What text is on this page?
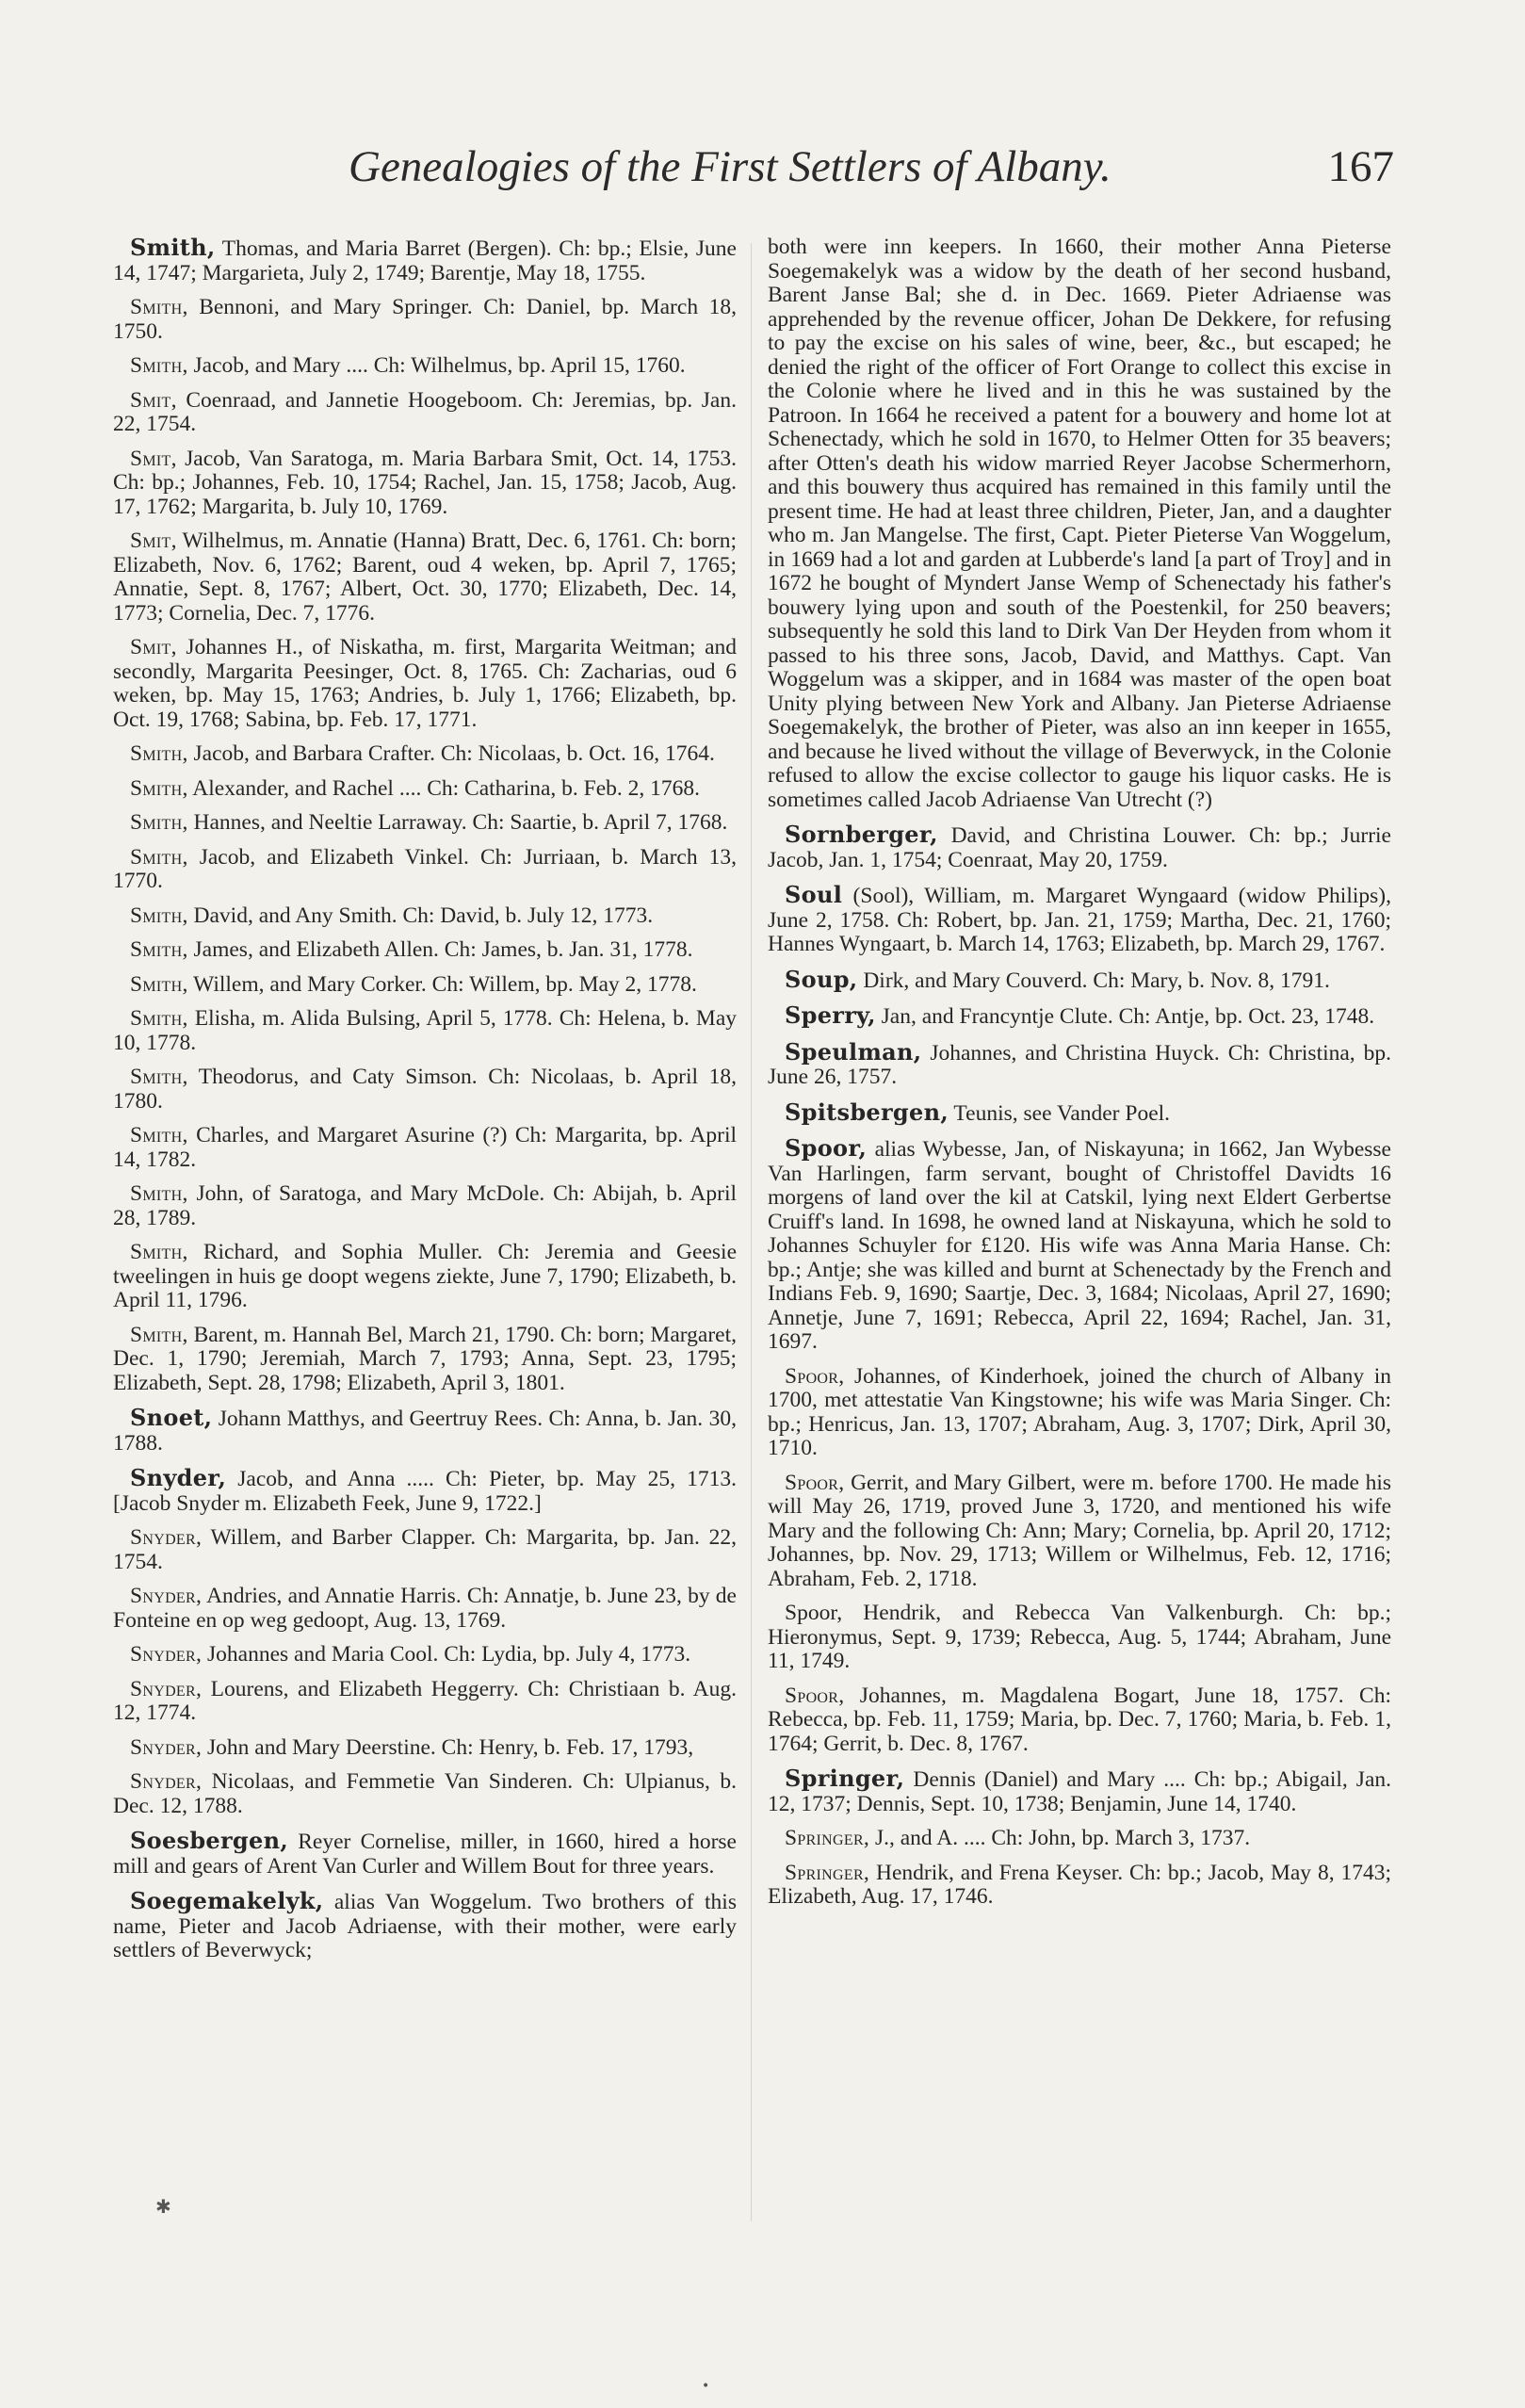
Genealogies of the First Settlers of Albany.	167

Smith, Thomas, and Maria Barret (Bergen). Ch: bp.; Elsie, June 14, 1747; Margarieta, July 2, 1749; Barentje, May 18, 1755.

Smith, Bennoni, and Mary Springer. Ch: Daniel, bp. March 18, 1750.

Smith, Jacob, and Mary .... Ch: Wilhelmus, bp. April 15, 1760.

Smit, Coenraad, and Jannetie Hoogeboom. Ch: Jeremias, bp. Jan. 22, 1754.

Smit, Jacob, Van Saratoga, m. Maria Barbara Smit, Oct. 14, 1753. Ch: bp.; Johannes, Feb. 10, 1754; Rachel, Jan. 15, 1758; Jacob, Aug. 17, 1762; Margarita, b. July 10, 1769.

Smit, Wilhelmus, m. Annatie (Hanna) Bratt, Dec. 6, 1761. Ch: born; Elizabeth, Nov. 6, 1762; Barent, oud 4 weken, bp. April 7, 1765; Annatie, Sept. 8, 1767; Albert, Oct. 30, 1770; Elizabeth, Dec. 14, 1773; Cornelia, Dec. 7, 1776.

Smit, Johannes H., of Niskatha, m. first, Margarita Weitman; and secondly, Margarita Peesinger, Oct. 8, 1765. Ch: Zacharias, oud 6 weken, bp. May 15, 1763; Andries, b. July 1, 1766; Elizabeth, bp. Oct. 19, 1768; Sabina, bp. Feb. 17, 1771.

Smith, Jacob, and Barbara Crafter. Ch: Nicolaas, b. Oct. 16, 1764.

Smith, Alexander, and Rachel .... Ch: Catharina, b. Feb. 2, 1768.

Smith, Hannes, and Neeltie Larraway. Ch: Saartie, b. April 7, 1768.

Smith, Jacob, and Elizabeth Vinkel. Ch: Jurriaan, b. March 13, 1770.

Smith, David, and Any Smith. Ch: David, b. July 12, 1773.

Smith, James, and Elizabeth Allen. Ch: James, b. Jan. 31, 1778.

Smith, Willem, and Mary Corker. Ch: Willem, bp. May 2, 1778.

Smith, Elisha, m. Alida Bulsing, April 5, 1778. Ch: Helena, b. May 10, 1778.

Smith, Theodorus, and Caty Simson. Ch: Nicolaas, b. April 18, 1780.

Smith, Charles, and Margaret Asurine (?) Ch: Margarita, bp. April 14, 1782.

Smith, John, of Saratoga, and Mary McDole. Ch: Abijah, b. April 28, 1789.

Smith, Richard, and Sophia Muller. Ch: Jeremia and Geesie tweelingen in huis ge doopt wegens ziekte, June 7, 1790; Elizabeth, b. April 11, 1796.

Smith, Barent, m. Hannah Bel, March 21, 1790. Ch: born; Margaret, Dec. 1, 1790; Jeremiah, March 7, 1793; Anna, Sept. 23, 1795; Elizabeth, Sept. 28, 1798; Elizabeth, April 3, 1801.

Snoet, Johann Matthys, and Geertruy Rees. Ch: Anna, b. Jan. 30, 1788.

Snyder, Jacob, and Anna ..... Ch: Pieter, bp. May 25, 1713. [Jacob Snyder m. Elizabeth Feek, June 9, 1722.]

Snyder, Willem, and Barber Clapper. Ch: Margarita, bp. Jan. 22, 1754.

Snyder, Andries, and Annatie Harris. Ch: Annatje, b. June 23, by de Fonteine en op weg gedoopt, Aug. 13, 1769.

Snyder, Johannes and Maria Cool. Ch: Lydia, bp. July 4, 1773.

Snyder, Lourens, and Elizabeth Heggerry. Ch: Christiaan b. Aug. 12, 1774.

Snyder, John and Mary Deerstine. Ch: Henry, b. Feb. 17, 1793,

Snyder, Nicolaas, and Femmetie Van Sinderen. Ch: Ulpianus, b. Dec. 12, 1788.

Soesbergen, Reyer Cornelise, miller, in 1660, hired a horse mill and gears of Arent Van Curler and Willem Bout for three years.

Soegemakelyk, alias Van Woggelum. Two brothers of this name, Pieter and Jacob Adriaense, with their mother, were early settlers of Beverwyck;

both were inn keepers. In 1660, their mother Anna Pieterse Soegemakelyk was a widow by the death of her second husband, Barent Janse Bal; she d. in Dec. 1669. Pieter Adriaense was apprehended by the revenue officer, Johan De Dekkere, for refusing to pay the excise on his sales of wine, beer, &c., but escaped; he denied the right of the officer of Fort Orange to collect this excise in the Colonie where he lived and in this he was sustained by the Patroon. In 1664 he received a patent for a bouwery and home lot at Schenectady, which he sold in 1670, to Helmer Otten for 35 beavers; after Otten's death his widow married Reyer Jacobse Schermerhorn, and this bouwery thus acquired has remained in this family until the present time. He had at least three children, Pieter, Jan, and a daughter who m. Jan Mangelse. The first, Capt. Pieter Pieterse Van Woggelum, in 1669 had a lot and garden at Lubberde's land [a part of Troy] and in 1672 he bought of Myndert Janse Wemp of Schenectady his father's bouwery lying upon and south of the Poestenkil, for 250 beavers; subsequently he sold this land to Dirk Van Der Heyden from whom it passed to his three sons, Jacob, David, and Matthys. Capt. Van Woggelum was a skipper, and in 1684 was master of the open boat Unity plying between New York and Albany. Jan Pieterse Adriaense Soegemakelyk, the brother of Pieter, was also an inn keeper in 1655, and because he lived without the village of Beverwyck, in the Colonie refused to allow the excise collector to gauge his liquor casks. He is sometimes called Jacob Adriaense Van Utrecht (?)

Sornberger, David, and Christina Louwer. Ch: bp.; Jurrie Jacob, Jan. 1, 1754; Coenraat, May 20, 1759.

Soul (Sool), William, m. Margaret Wyngaard (widow Philips), June 2, 1758. Ch: Robert, bp. Jan. 21, 1759; Martha, Dec. 21, 1760; Hannes Wyngaart, b. March 14, 1763; Elizabeth, bp. March 29, 1767.

Soup, Dirk, and Mary Couverd. Ch: Mary, b. Nov. 8, 1791.

Sperry, Jan, and Francyntje Clute. Ch: Antje, bp. Oct. 23, 1748.

Speulman, Johannes, and Christina Huyck. Ch: Christina, bp. June 26, 1757.

Spitsbergen, Teunis, see Vander Poel.

Spoor, alias Wybesse, Jan, of Niskayuna; in 1662, Jan Wybesse Van Harlingen, farm servant, bought of Christoffel Davidts 16 morgens of land over the kil at Catskil, lying next Eldert Gerbertse Cruiff's land. In 1698, he owned land at Niskayuna, which he sold to Johannes Schuyler for £120. His wife was Anna Maria Hanse. Ch: bp.; Antje; she was killed and burnt at Schenectady by the French and Indians Feb. 9, 1690; Saartje, Dec. 3, 1684; Nicolaas, April 27, 1690; Annetje, June 7, 1691; Rebecca, April 22, 1694; Rachel, Jan. 31, 1697.

Spoor, Johannes, of Kinderhoek, joined the church of Albany in 1700, met attestatie Van Kingstowne; his wife was Maria Singer. Ch: bp.; Henricus, Jan. 13, 1707; Abraham, Aug. 3, 1707; Dirk, April 30, 1710.

Spoor, Gerrit, and Mary Gilbert, were m. before 1700. He made his will May 26, 1719, proved June 3, 1720, and mentioned his wife Mary and the following Ch: Ann; Mary; Cornelia, bp. April 20, 1712; Johannes, bp. Nov. 29, 1713; Willem or Wilhelmus, Feb. 12, 1716; Abraham, Feb. 2, 1718.

Spoor, Hendrik, and Rebecca Van Valkenburgh. Ch: bp.; Hieronymus, Sept. 9, 1739; Rebecca, Aug. 5, 1744; Abraham, June 11, 1749.

Spoor, Johannes, m. Magdalena Bogart, June 18, 1757. Ch: Rebecca, bp. Feb. 11, 1759; Maria, bp. Dec. 7, 1760; Maria, b. Feb. 1, 1764; Gerrit, b. Dec. 8, 1767.

Springer, Dennis (Daniel) and Mary .... Ch: bp.; Abigail, Jan. 12, 1737; Dennis, Sept. 10, 1738; Benjamin, June 14, 1740.

Springer, J., and A. .... Ch: John, bp. March 3, 1737.

Springer, Hendrik, and Frena Keyser. Ch: bp.; Jacob, May 8, 1743; Elizabeth, Aug. 17, 1746.

✱
•
